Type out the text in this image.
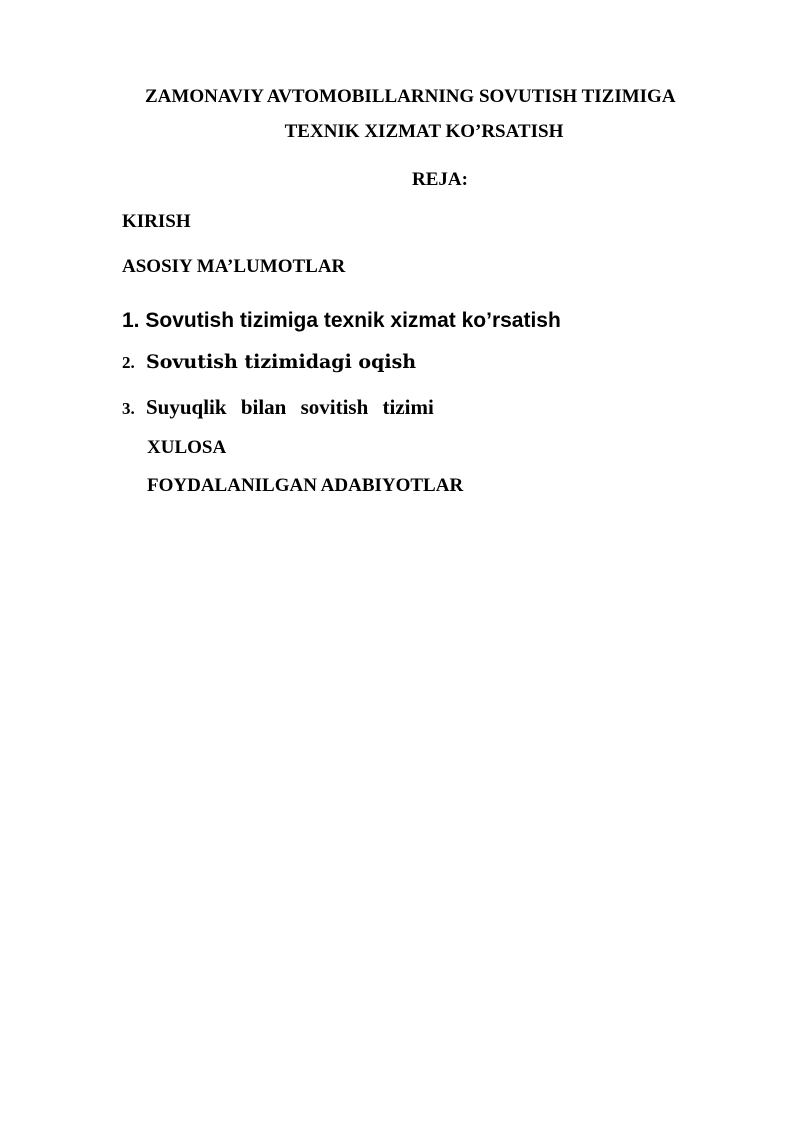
ZAMONAVIY AVTOMOBILLARNING SOVUTISH TIZIMIGA

TEXNIK XIZMAT KO’RSATISH

REJA:

KIRISH

ASOSIY MA’LUMOTLAR

1. Sovutish tizimiga texnik xizmat ko’rsatish

2. Sovutish tizimidagi oqish

3. Suyuqlik bilan sovitish tizimi

XULOSA

FOYDALANILGAN ADABIYOTLAR
